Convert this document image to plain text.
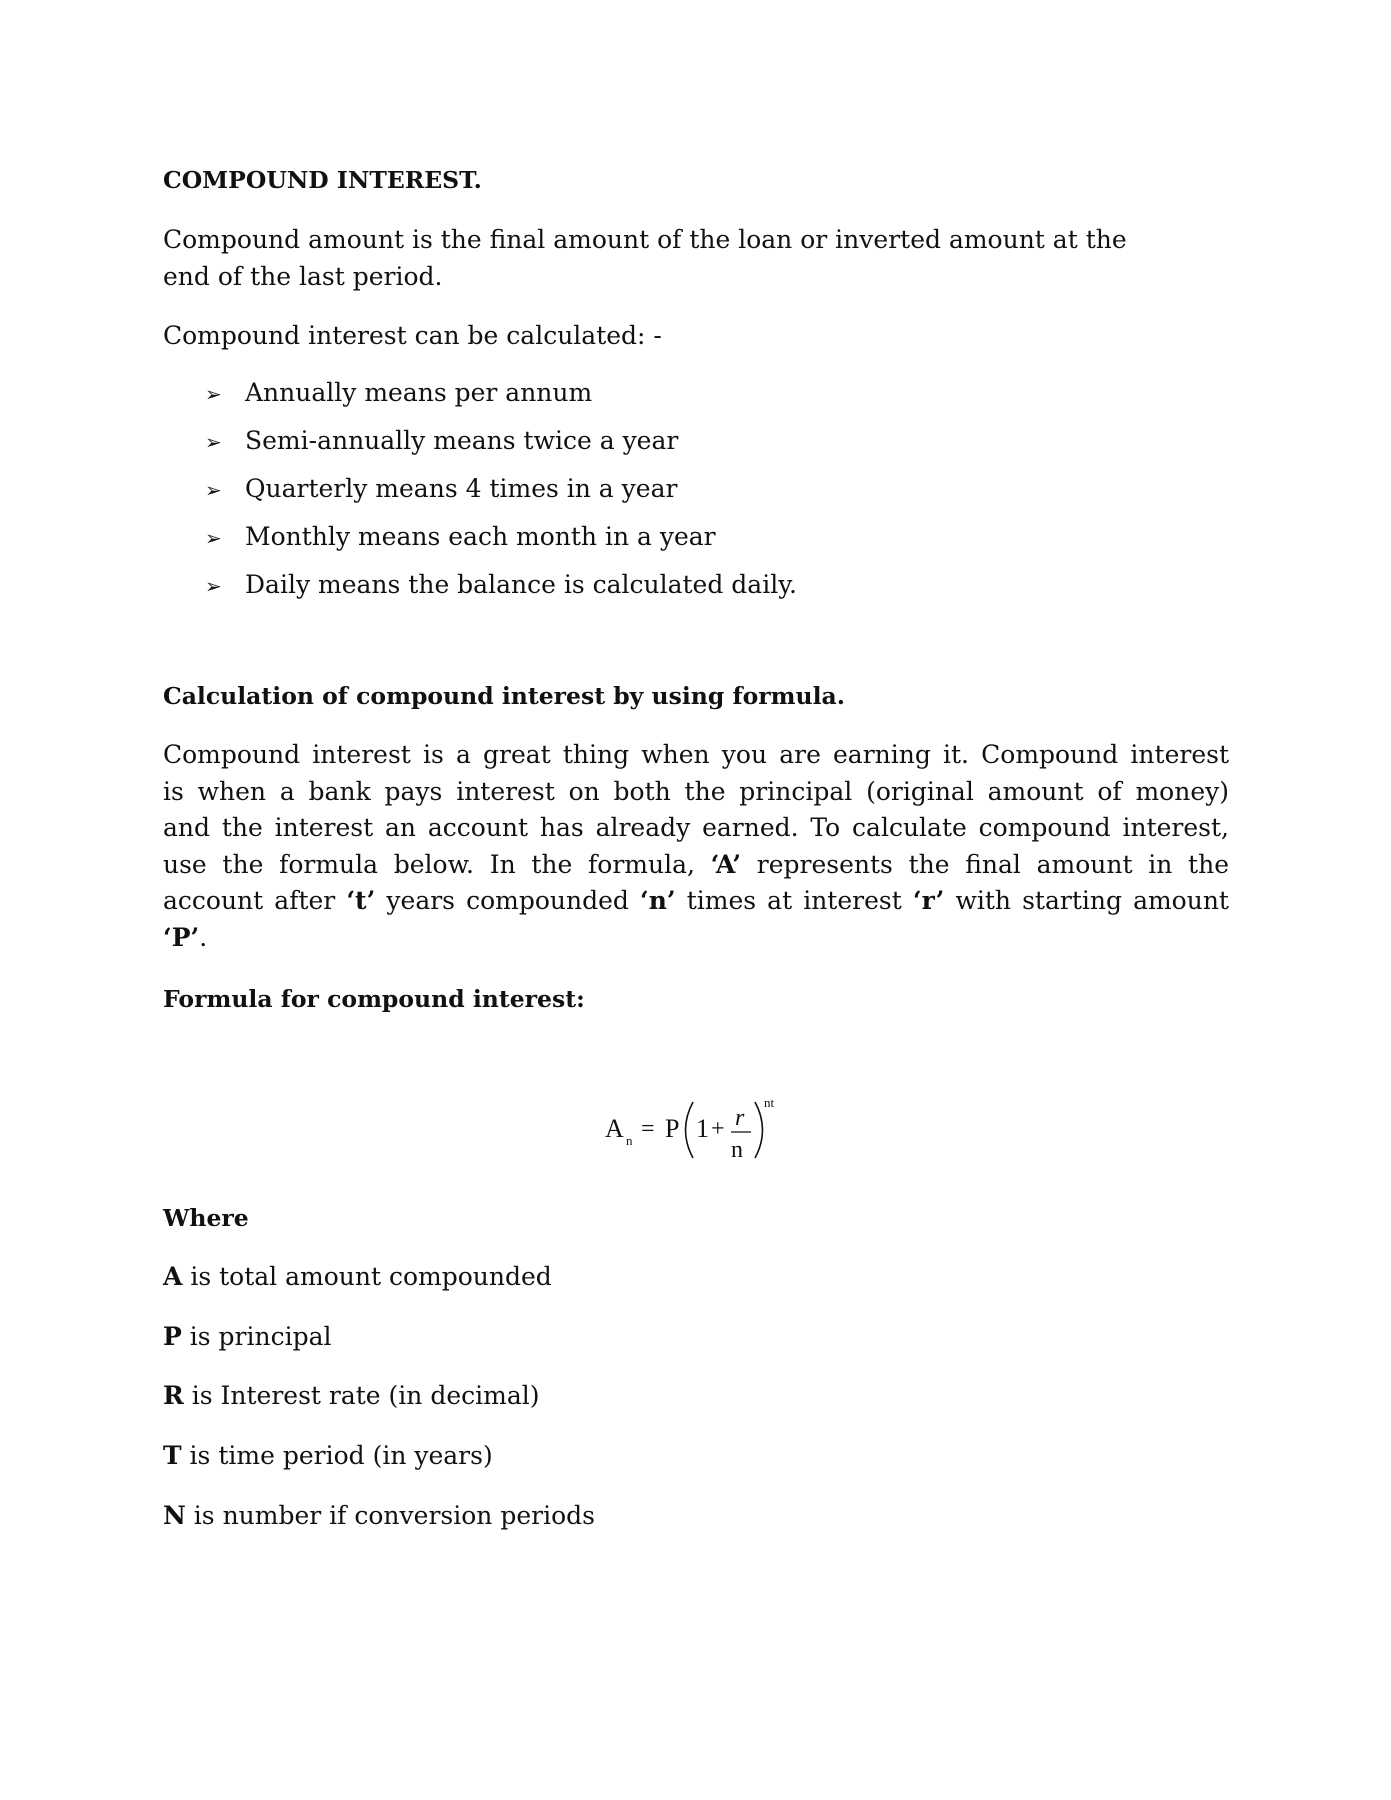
COMPOUND INTEREST.
Compound amount is the final amount of the loan or inverted amount at the
end of the last period.
Compound interest can be calculated: -
➢ Annually means per annum
➢ Semi-annually means twice a year
➢ Quarterly means 4 times in a year
➢ Monthly means each month in a year
➢ Daily means the balance is calculated daily.
Calculation of compound interest by using formula.
Compound interest is a great thing when you are earning it. Compound interest
is when a bank pays interest on both the principal (original amount of money)
and the interest an account has already earned. To calculate compound interest,
use the formula below. In the formula, ‘A’ represents the final amount in the
account after ‘t’ years compounded ‘n’ times at interest ‘r’ with starting amount
‘P’.
Formula for compound interest:
A n = P 1 + r
n
nt
Where
A is total amount compounded
P is principal
R is Interest rate (in decimal)
T is time period (in years)
N is number if conversion periods
